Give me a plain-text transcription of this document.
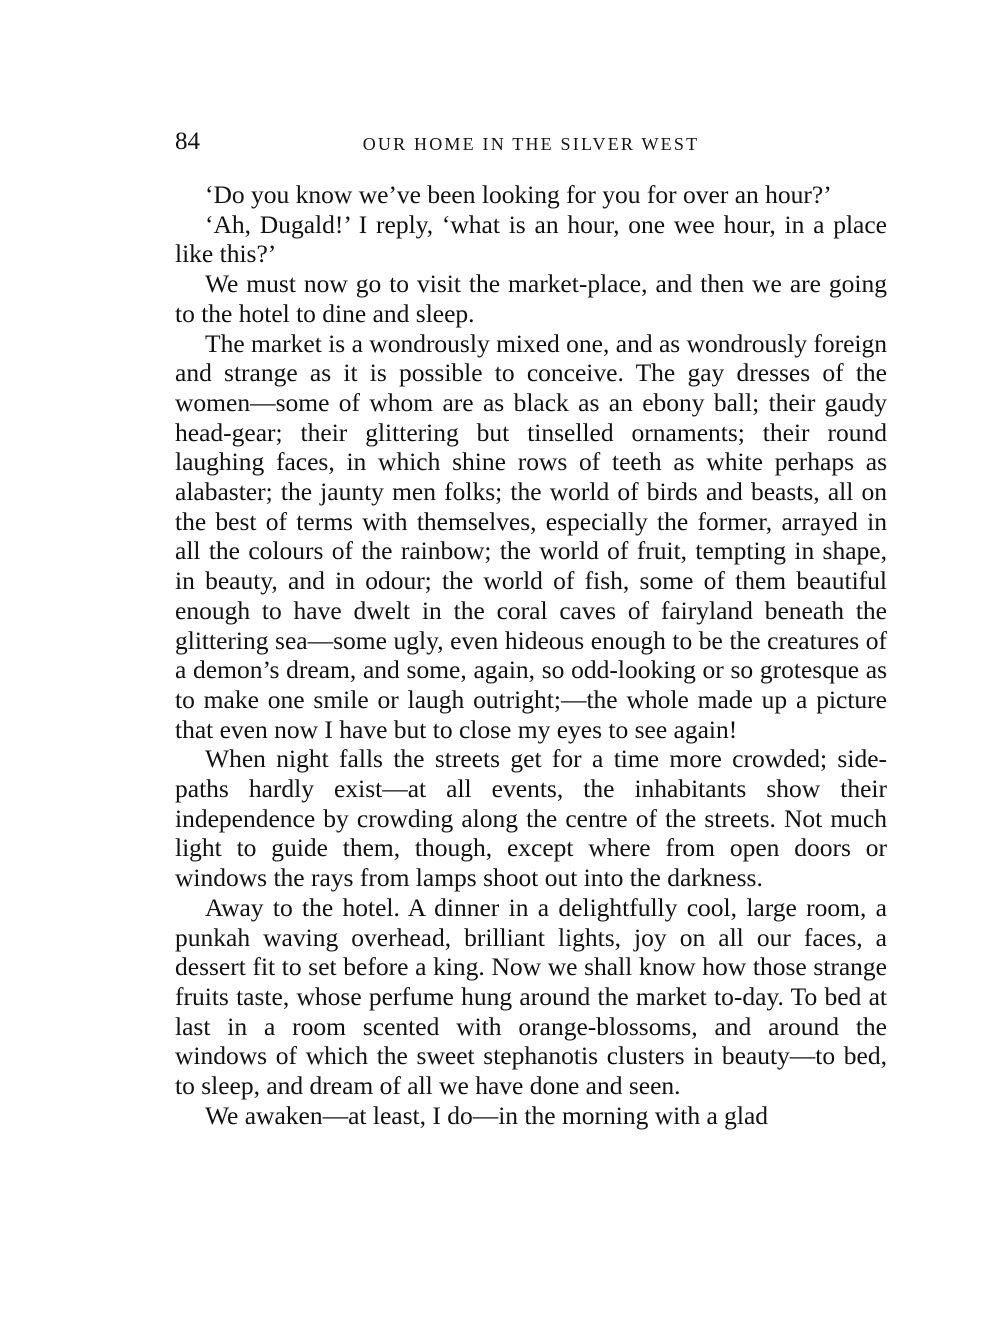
84	OUR HOME IN THE SILVER WEST

‘Do you know we’ve been looking for you for over an hour?’

‘Ah, Dugald!’ I reply, ‘what is an hour, one wee hour, in a place like this?’

We must now go to visit the market-place, and then we are going to the hotel to dine and sleep.

The market is a wondrously mixed one, and as wondrously foreign and strange as it is possible to conceive. The gay dresses of the women—some of whom are as black as an ebony ball; their gaudy head-gear; their glittering but tinselled ornaments; their round laughing faces, in which shine rows of teeth as white perhaps as alabaster; the jaunty men folks; the world of birds and beasts, all on the best of terms with themselves, especially the former, arrayed in all the colours of the rainbow; the world of fruit, tempting in shape, in beauty, and in odour; the world of fish, some of them beautiful enough to have dwelt in the coral caves of fairyland beneath the glittering sea—some ugly, even hideous enough to be the creatures of a demon’s dream, and some, again, so odd-looking or so grotesque as to make one smile or laugh outright;—the whole made up a picture that even now I have but to close my eyes to see again!

When night falls the streets get for a time more crowded; side-paths hardly exist—at all events, the inhabitants show their independence by crowding along the centre of the streets. Not much light to guide them, though, except where from open doors or windows the rays from lamps shoot out into the darkness.

Away to the hotel. A dinner in a delightfully cool, large room, a punkah waving overhead, brilliant lights, joy on all our faces, a dessert fit to set before a king. Now we shall know how those strange fruits taste, whose perfume hung around the market to-day. To bed at last in a room scented with orange-blossoms, and around the windows of which the sweet stephanotis clusters in beauty—to bed, to sleep, and dream of all we have done and seen.

We awaken—at least, I do—in the morning with a glad
